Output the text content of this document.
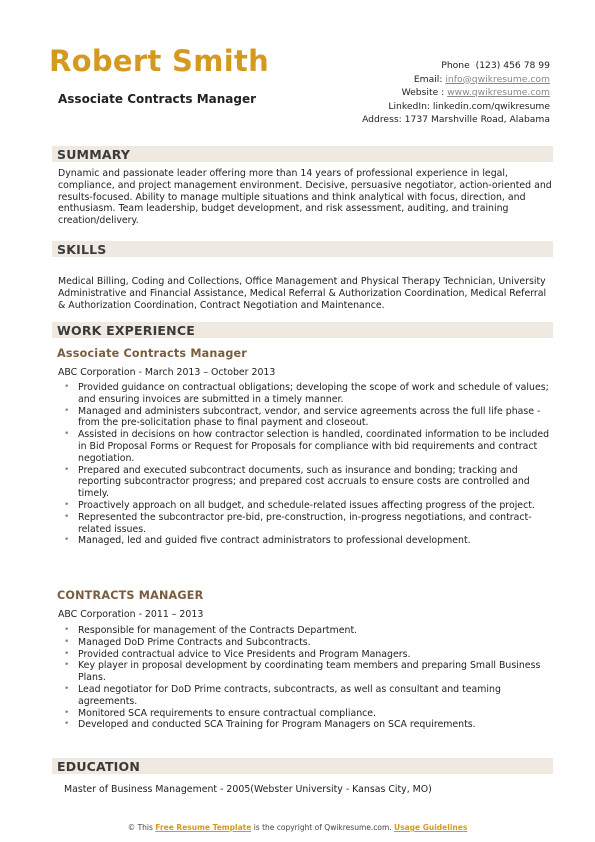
Robert Smith
Associate Contracts Manager
Phone (123) 456 78 99
Email: info@qwikresume.com
Website : www.qwikresume.com
LinkedIn: linkedin.com/qwikresume
Address: 1737 Marshville Road, Alabama
SUMMARY
Dynamic and passionate leader offering more than 14 years of professional experience in legal, compliance, and project management environment. Decisive, persuasive negotiator, action-oriented and results-focused. Ability to manage multiple situations and think analytical with focus, direction, and enthusiasm. Team leadership, budget development, and risk assessment, auditing, and training creation/delivery.
SKILLS
Medical Billing, Coding and Collections, Office Management and Physical Therapy Technician, University Administrative and Financial Assistance, Medical Referral & Authorization Coordination, Medical Referral & Authorization Coordination, Contract Negotiation and Maintenance.
WORK EXPERIENCE
Associate Contracts Manager
ABC Corporation - March 2013 – October 2013
• Provided guidance on contractual obligations; developing the scope of work and schedule of values; and ensuring invoices are submitted in a timely manner.
• Managed and administers subcontract, vendor, and service agreements across the full life phase - from the pre-solicitation phase to final payment and closeout.
• Assisted in decisions on how contractor selection is handled, coordinated information to be included in Bid Proposal Forms or Request for Proposals for compliance with bid requirements and contract negotiation.
• Prepared and executed subcontract documents, such as insurance and bonding; tracking and reporting subcontractor progress; and prepared cost accruals to ensure costs are controlled and timely.
• Proactively approach on all budget, and schedule-related issues affecting progress of the project.
• Represented the subcontractor pre-bid, pre-construction, in-progress negotiations, and contract-related issues.
• Managed, led and guided five contract administrators to professional development.
CONTRACTS MANAGER
ABC Corporation - 2011 – 2013
• Responsible for management of the Contracts Department.
• Managed DoD Prime Contracts and Subcontracts.
• Provided contractual advice to Vice Presidents and Program Managers.
• Key player in proposal development by coordinating team members and preparing Small Business Plans.
• Lead negotiator for DoD Prime contracts, subcontracts, as well as consultant and teaming agreements.
• Monitored SCA requirements to ensure contractual compliance.
• Developed and conducted SCA Training for Program Managers on SCA requirements.
EDUCATION
Master of Business Management - 2005(Webster University - Kansas City, MO)
© This Free Resume Template is the copyright of Qwikresume.com. Usage Guidelines
